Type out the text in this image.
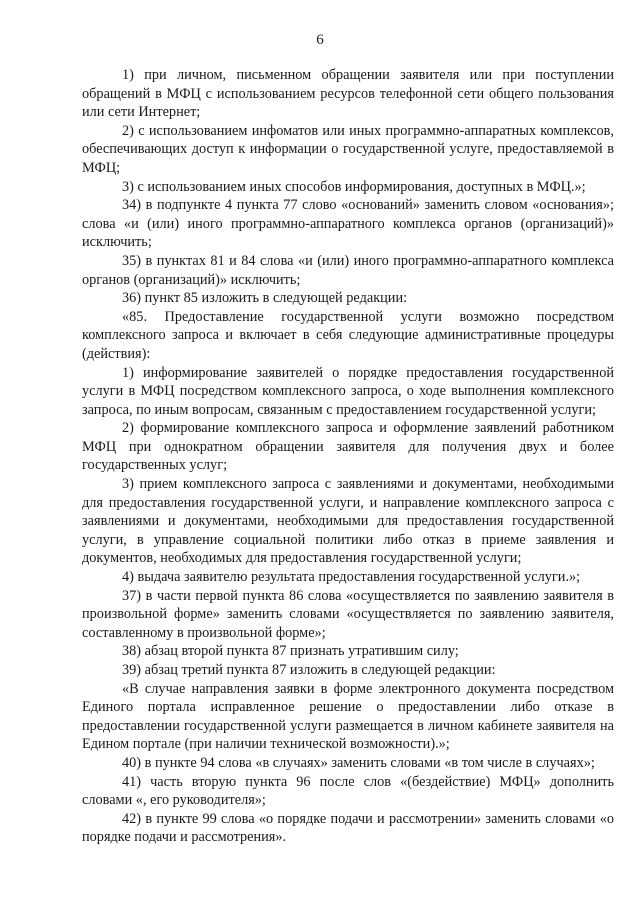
6

1) при личном, письменном обращении заявителя или при поступлении обращений в МФЦ с использованием ресурсов телефонной сети общего пользования или сети Интернет;

2) с использованием инфоматов или иных программно-аппаратных комплексов, обеспечивающих доступ к информации о государственной услуге, предоставляемой в МФЦ;

3) с использованием иных способов информирования, доступных в МФЦ.»;

34) в подпункте 4 пункта 77 слово «оснований» заменить словом «основания»; слова «и (или) иного программно-аппаратного комплекса органов (организаций)» исключить;

35) в пунктах 81 и 84 слова «и (или) иного программно-аппаратного комплекса органов (организаций)» исключить;

36) пункт 85 изложить в следующей редакции:

«85. Предоставление государственной услуги возможно посредством комплексного запроса и включает в себя следующие административные процедуры (действия):

1) информирование заявителей о порядке предоставления государственной услуги в МФЦ посредством комплексного запроса, о ходе выполнения комплексного запроса, по иным вопросам, связанным с предоставлением государственной услуги;

2) формирование комплексного запроса и оформление заявлений работником МФЦ при однократном обращении заявителя для получения двух и более государственных услуг;

3) прием комплексного запроса с заявлениями и документами, необходимыми для предоставления государственной услуги, и направление комплексного запроса с заявлениями и документами, необходимыми для предоставления государственной услуги, в управление социальной политики либо отказ в приеме заявления и документов, необходимых для предоставления государственной услуги;

4) выдача заявителю результата предоставления государственной услуги.»;

37) в части первой пункта 86 слова «осуществляется по заявлению заявителя в произвольной форме» заменить словами «осуществляется по заявлению заявителя, составленному в произвольной форме»;

38) абзац второй пункта 87 признать утратившим силу;

39) абзац третий пункта 87 изложить в следующей редакции:

«В случае направления заявки в форме электронного документа посредством Единого портала исправленное решение о предоставлении либо отказе в предоставлении государственной услуги размещается в личном кабинете заявителя на Едином портале (при наличии технической возможности).»;

40) в пункте 94 слова «в случаях» заменить словами «в том числе в случаях»;

41) часть вторую пункта 96 после слов «(бездействие) МФЦ» дополнить словами «, его руководителя»;

42) в пункте 99 слова «о порядке подачи и рассмотрении» заменить словами «о порядке подачи и рассмотрения».
